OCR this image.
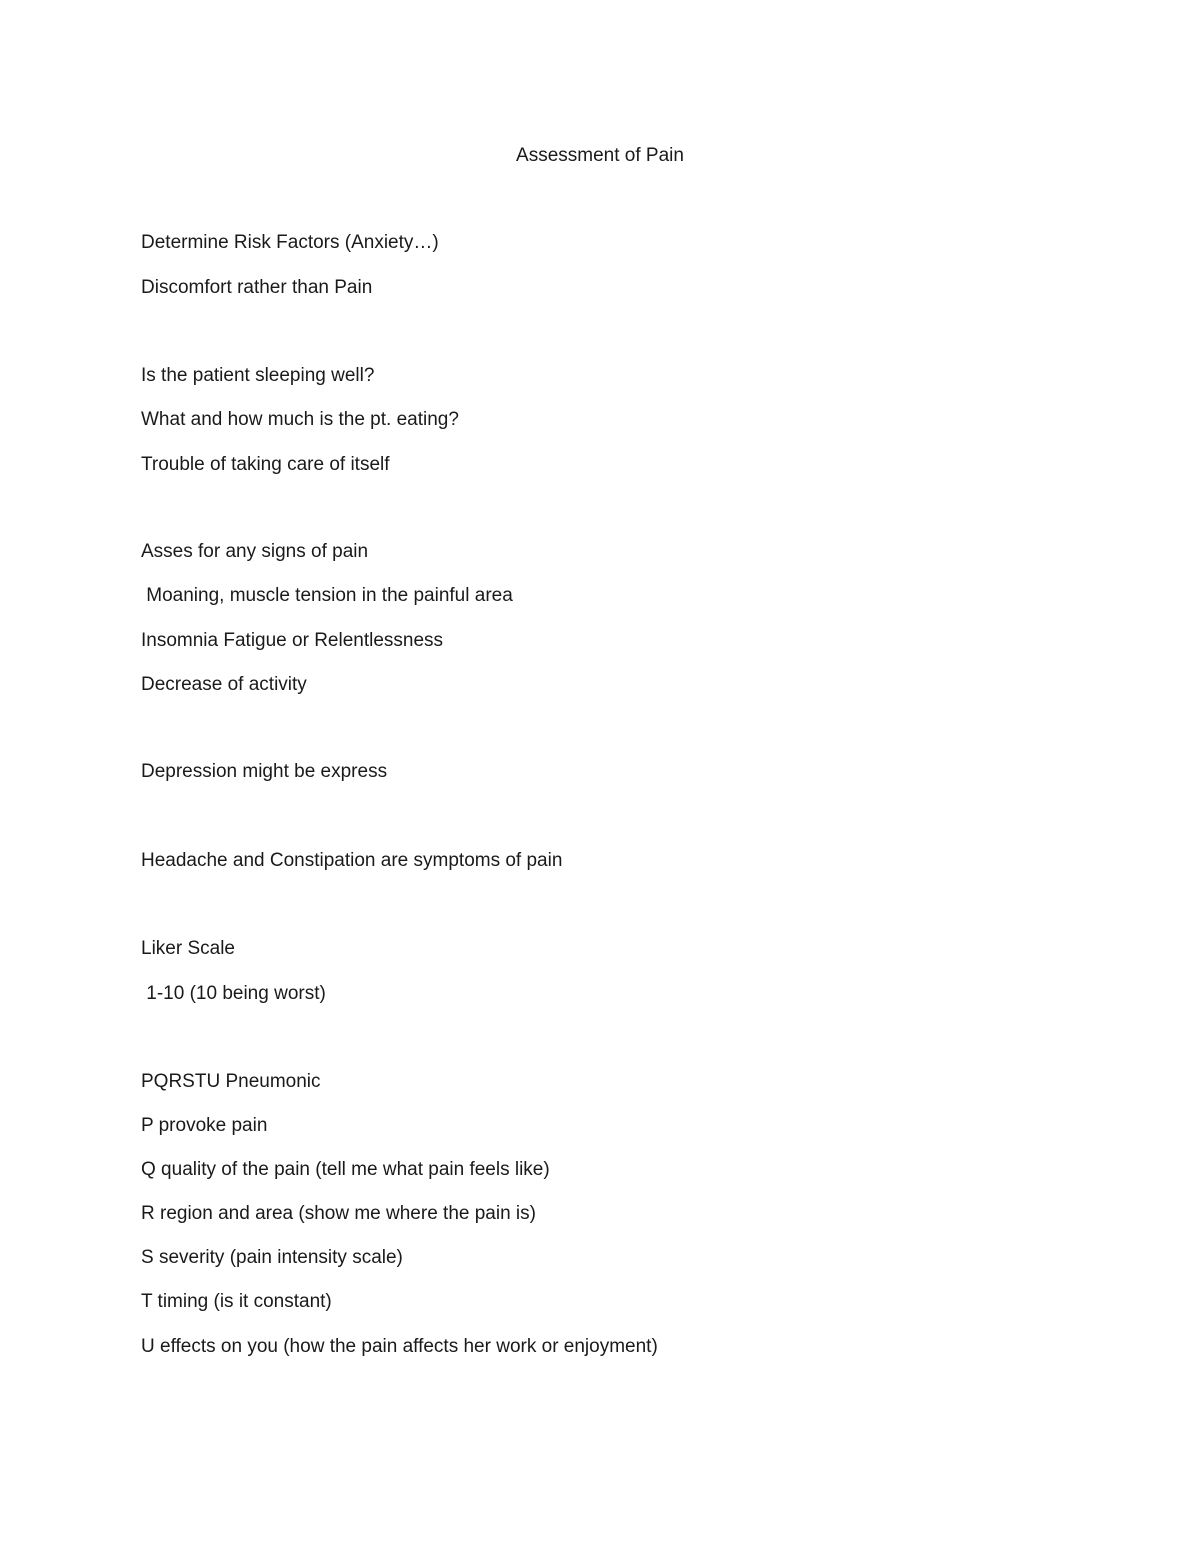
Assessment of Pain

Determine Risk Factors (Anxiety…)

Discomfort rather than Pain

Is the patient sleeping well?

What and how much is the pt. eating?

Trouble of taking care of itself

Asses for any signs of pain

Moaning, muscle tension in the painful area

Insomnia Fatigue or Relentlessness

Decrease of activity

Depression might be express

Headache and Constipation are symptoms of pain

Liker Scale

1-10 (10 being worst)

PQRSTU Pneumonic

P provoke pain

Q quality of the pain (tell me what pain feels like)

R region and area (show me where the pain is)

S severity (pain intensity scale)

T timing (is it constant)

U effects on you (how the pain affects her work or enjoyment)
